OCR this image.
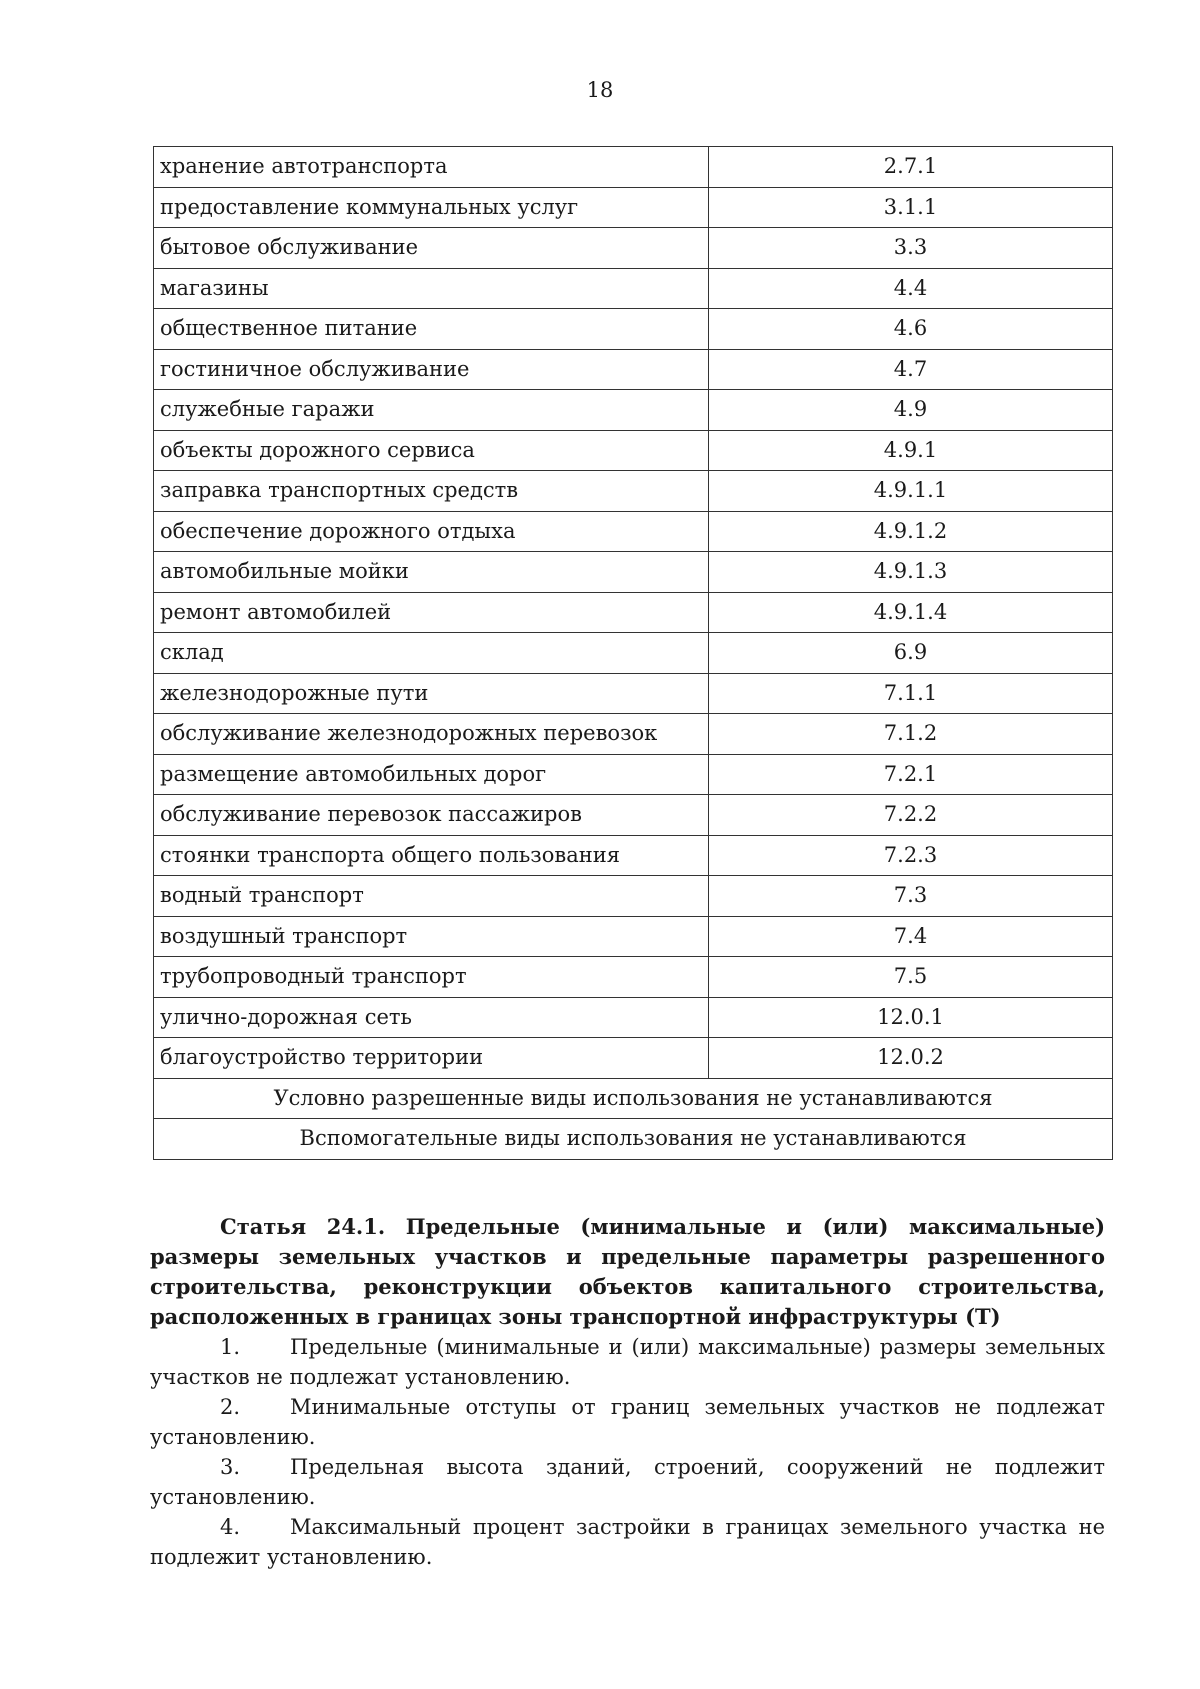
18
хранение автотранспорта	2.7.1
предоставление коммунальных услуг	3.1.1
бытовое обслуживание	3.3
магазины	4.4
общественное питание	4.6
гостиничное обслуживание	4.7
служебные гаражи	4.9
объекты дорожного сервиса	4.9.1
заправка транспортных средств	4.9.1.1
обеспечение дорожного отдыха	4.9.1.2
автомобильные мойки	4.9.1.3
ремонт автомобилей	4.9.1.4
склад	6.9
железнодорожные пути	7.1.1
обслуживание железнодорожных перевозок	7.1.2
размещение автомобильных дорог	7.2.1
обслуживание перевозок пассажиров	7.2.2
стоянки транспорта общего пользования	7.2.3
водный транспорт	7.3
воздушный транспорт	7.4
трубопроводный транспорт	7.5
улично-дорожная сеть	12.0.1
благоустройство территории	12.0.2
Условно разрешенные виды использования не устанавливаются	
Вспомогательные виды использования не устанавливаются	

Статья 24.1. Предельные (минимальные и (или) максимальные) размеры земельных участков и предельные параметры разрешенного строительства, реконструкции объектов капитального строительства, расположенных в границах зоны транспортной инфраструктуры (Т)

1. Предельные (минимальные и (или) максимальные) размеры земельных участков не подлежат установлению.

2. Минимальные отступы от границ земельных участков не подлежат установлению.

3. Предельная высота зданий, строений, сооружений не подлежит установлению.

4. Максимальный процент застройки в границах земельного участка не подлежит установлению.
